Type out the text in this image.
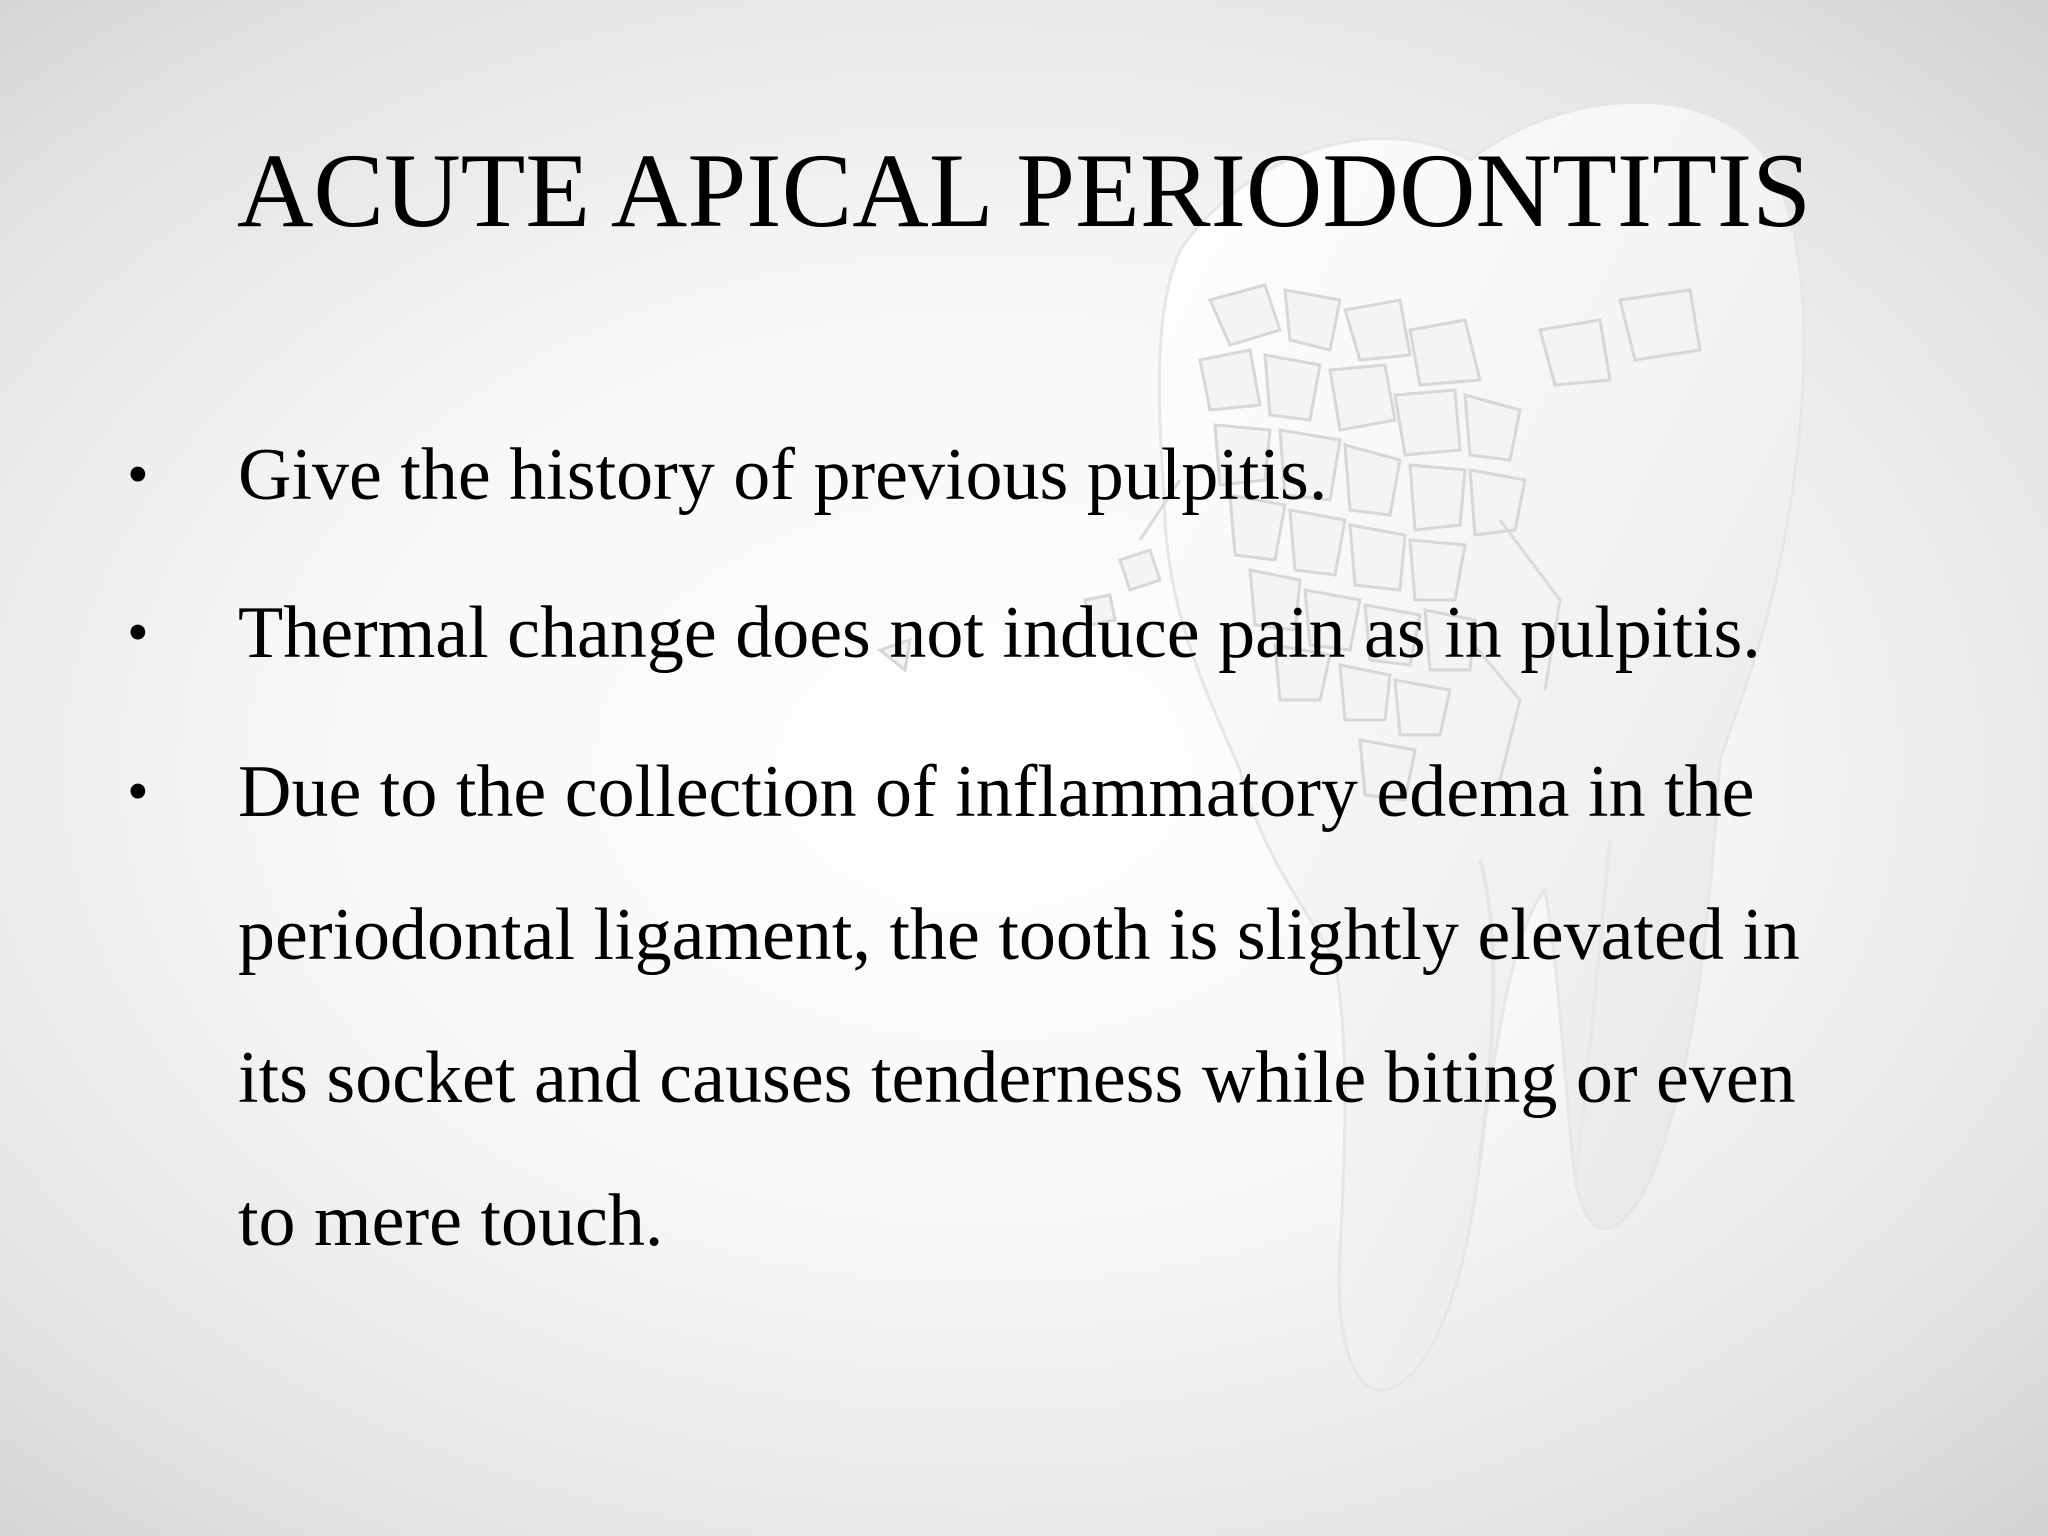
ACUTE APICAL PERIODONTITIS
• Give the history of previous pulpitis.
• Thermal change does not induce pain as in pulpitis.
• Due to the collection of inflammatory edema in the
periodontal ligament, the tooth is slightly elevated in
its socket and causes tenderness while biting or even
to mere touch.
